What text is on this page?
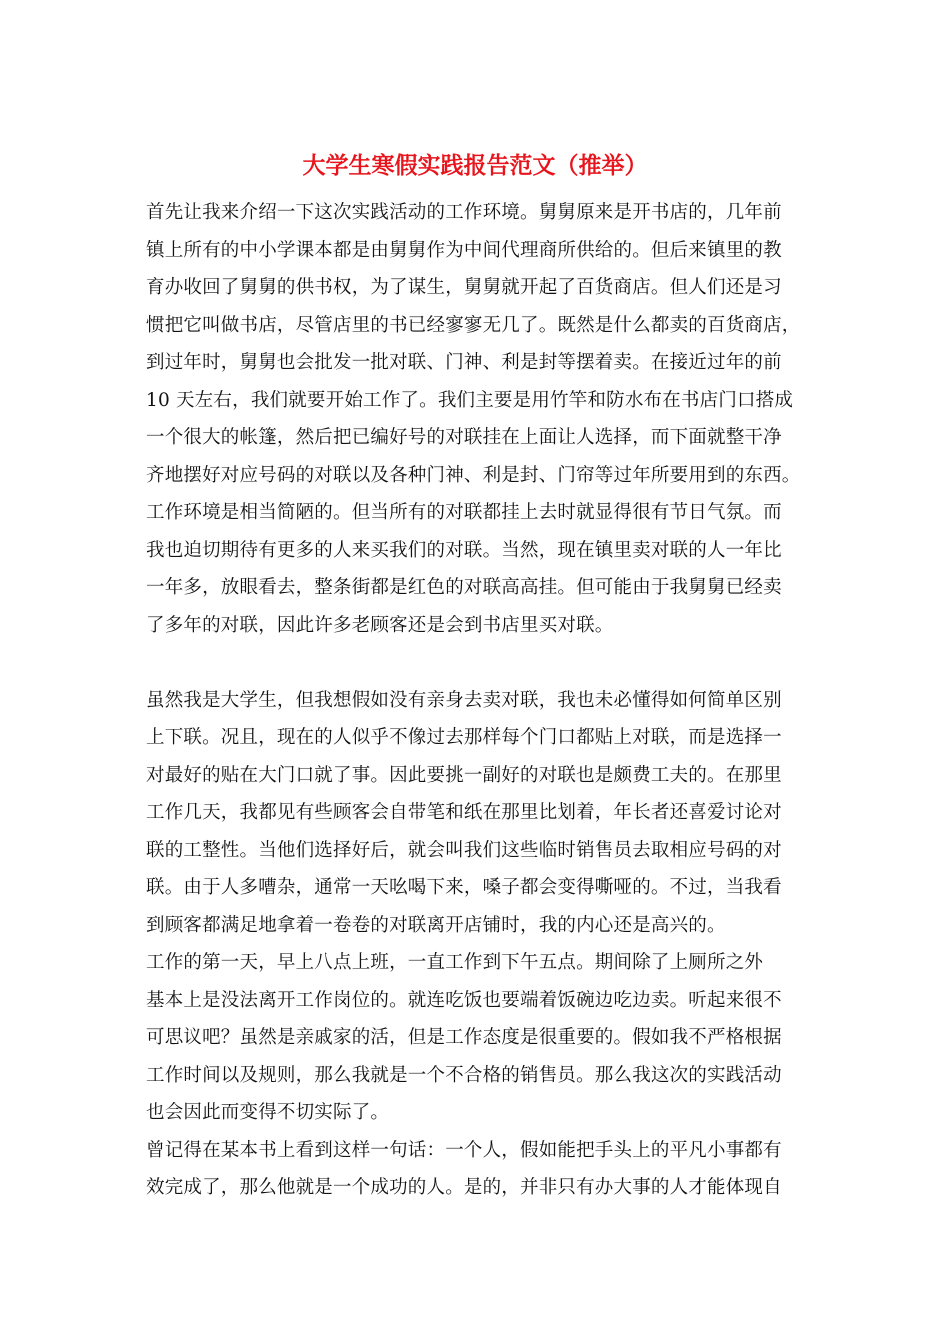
大学生寒假实践报告范文（推举）
首先让我来介绍一下这次实践活动的工作环境。舅舅原来是开书店的，几年前
镇上所有的中小学课本都是由舅舅作为中间代理商所供给的。但后来镇里的教
育办收回了舅舅的供书权，为了谋生，舅舅就开起了百货商店。但人们还是习
惯把它叫做书店，尽管店里的书已经寥寥无几了。既然是什么都卖的百货商店，
到过年时，舅舅也会批发一批对联、门神、利是封等摆着卖。在接近过年的前
10 天左右，我们就要开始工作了。我们主要是用竹竿和防水布在书店门口搭成
一个很大的帐篷，然后把已编好号的对联挂在上面让人选择，而下面就整干净
齐地摆好对应号码的对联以及各种门神、利是封、门帘等过年所要用到的东西。
工作环境是相当简陋的。但当所有的对联都挂上去时就显得很有节日气氛。而
我也迫切期待有更多的人来买我们的对联。当然，现在镇里卖对联的人一年比
一年多，放眼看去，整条街都是红色的对联高高挂。但可能由于我舅舅已经卖
了多年的对联，因此许多老顾客还是会到书店里买对联。
虽然我是大学生，但我想假如没有亲身去卖对联，我也未必懂得如何简单区别
上下联。况且，现在的人似乎不像过去那样每个门口都贴上对联，而是选择一
对最好的贴在大门口就了事。因此要挑一副好的对联也是颇费工夫的。在那里
工作几天，我都见有些顾客会自带笔和纸在那里比划着，年长者还喜爱讨论对
联的工整性。当他们选择好后，就会叫我们这些临时销售员去取相应号码的对
联。由于人多嘈杂，通常一天吆喝下来，嗓子都会变得嘶哑的。不过，当我看
到顾客都满足地拿着一卷卷的对联离开店铺时，我的内心还是高兴的。
工作的第一天，早上八点上班，一直工作到下午五点。期间除了上厕所之外
基本上是没法离开工作岗位的。就连吃饭也要端着饭碗边吃边卖。听起来很不
可思议吧？虽然是亲戚家的活，但是工作态度是很重要的。假如我不严格根据
工作时间以及规则，那么我就是一个不合格的销售员。那么我这次的实践活动
也会因此而变得不切实际了。
曾记得在某本书上看到这样一句话：一个人，假如能把手头上的平凡小事都有
效完成了，那么他就是一个成功的人。是的，并非只有办大事的人才能体现自
